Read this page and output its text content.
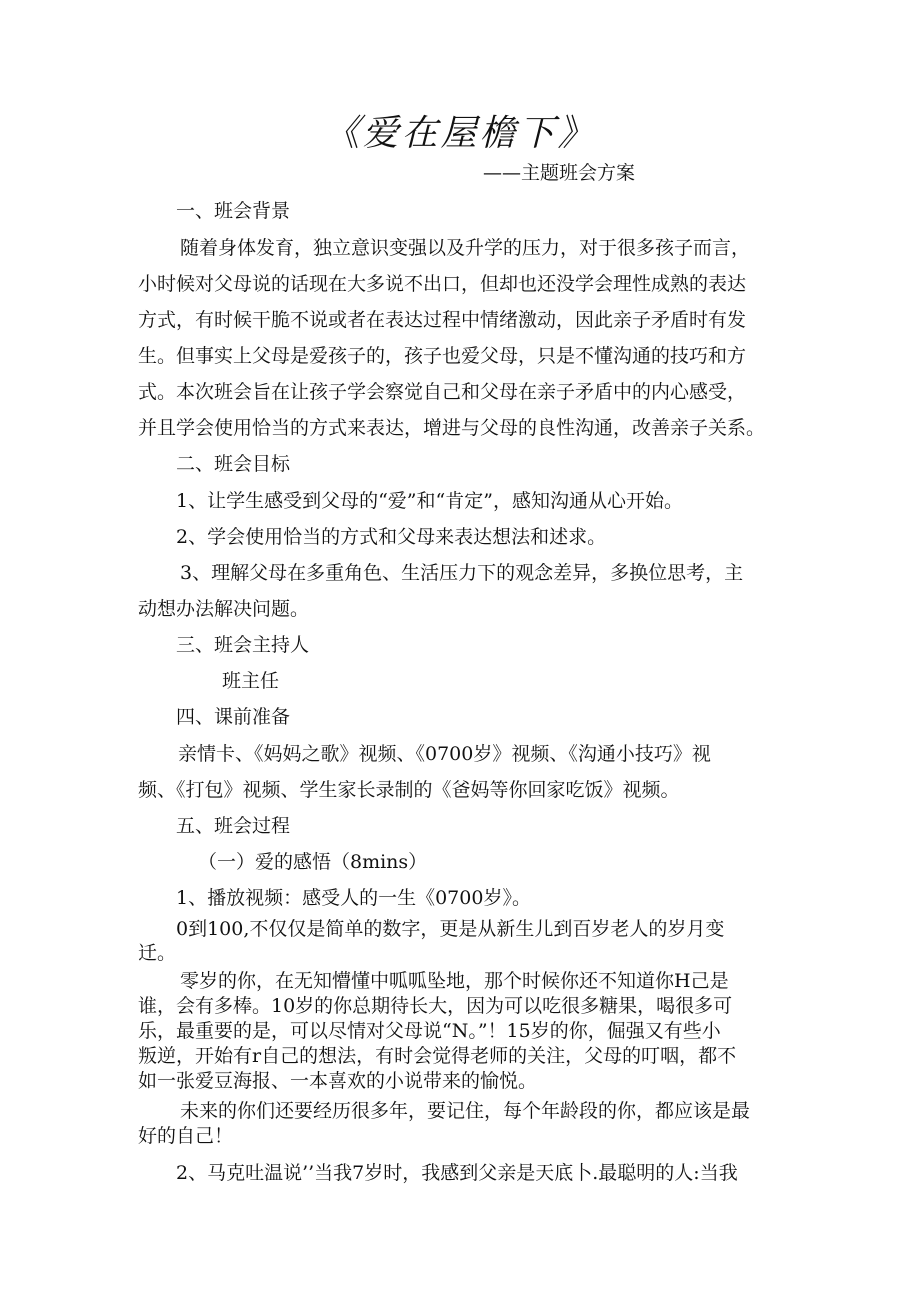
《爱在屋檐下》
——主题班会方案
一、班会背景
随着身体发育，独立意识变强以及升学的压力，对于很多孩子而言，
小时候对父母说的话现在大多说不出口，但却也还没学会理性成熟的表达
方式，有时候干脆不说或者在表达过程中情绪激动，因此亲子矛盾时有发
生。但事实上父母是爱孩子的，孩子也爱父母，只是不懂沟通的技巧和方
式。本次班会旨在让孩子学会察觉自己和父母在亲子矛盾中的内心感受，
并且学会使用恰当的方式来表达，增进与父母的良性沟通，改善亲子关系。
二、班会目标
1、让学生感受到父母的“爱”和“肯定”，感知沟通从心开始。
2、学会使用恰当的方式和父母来表达想法和述求。
3、理解父母在多重角色、生活压力下的观念差异，多换位思考，主
动想办法解决问题。
三、班会主持人
班主任
四、课前准备
亲情卡、《妈妈之歌》视频、《0700岁》视频、《沟通小技巧》视
频、《打包》视频、学生家长录制的《爸妈等你回家吃饭》视频。
五、班会过程
（一）爱的感悟（8mins）
1、播放视频：感受人的一生《0700岁》。
0到100,不仅仅是简单的数字，更是从新生儿到百岁老人的岁月变
迁。
零岁的你，在无知懵懂中呱呱坠地，那个时候你还不知道你H己是
谁，会有多棒。10岁的你总期待长大，因为可以吃很多糖果，喝很多可
乐，最重要的是，可以尽情对父母说“N。”！15岁的你，倔强又有些小
叛逆，开始有r自己的想法，有时会觉得老师的关注，父母的叮咽，都不
如一张爱豆海报、一本喜欢的小说带来的愉悦。
未来的你们还要经历很多年，要记住，每个年龄段的你，都应该是最
好的自己！
2、马克吐温说’’当我7岁时，我感到父亲是天底卜.最聪明的人:当我
